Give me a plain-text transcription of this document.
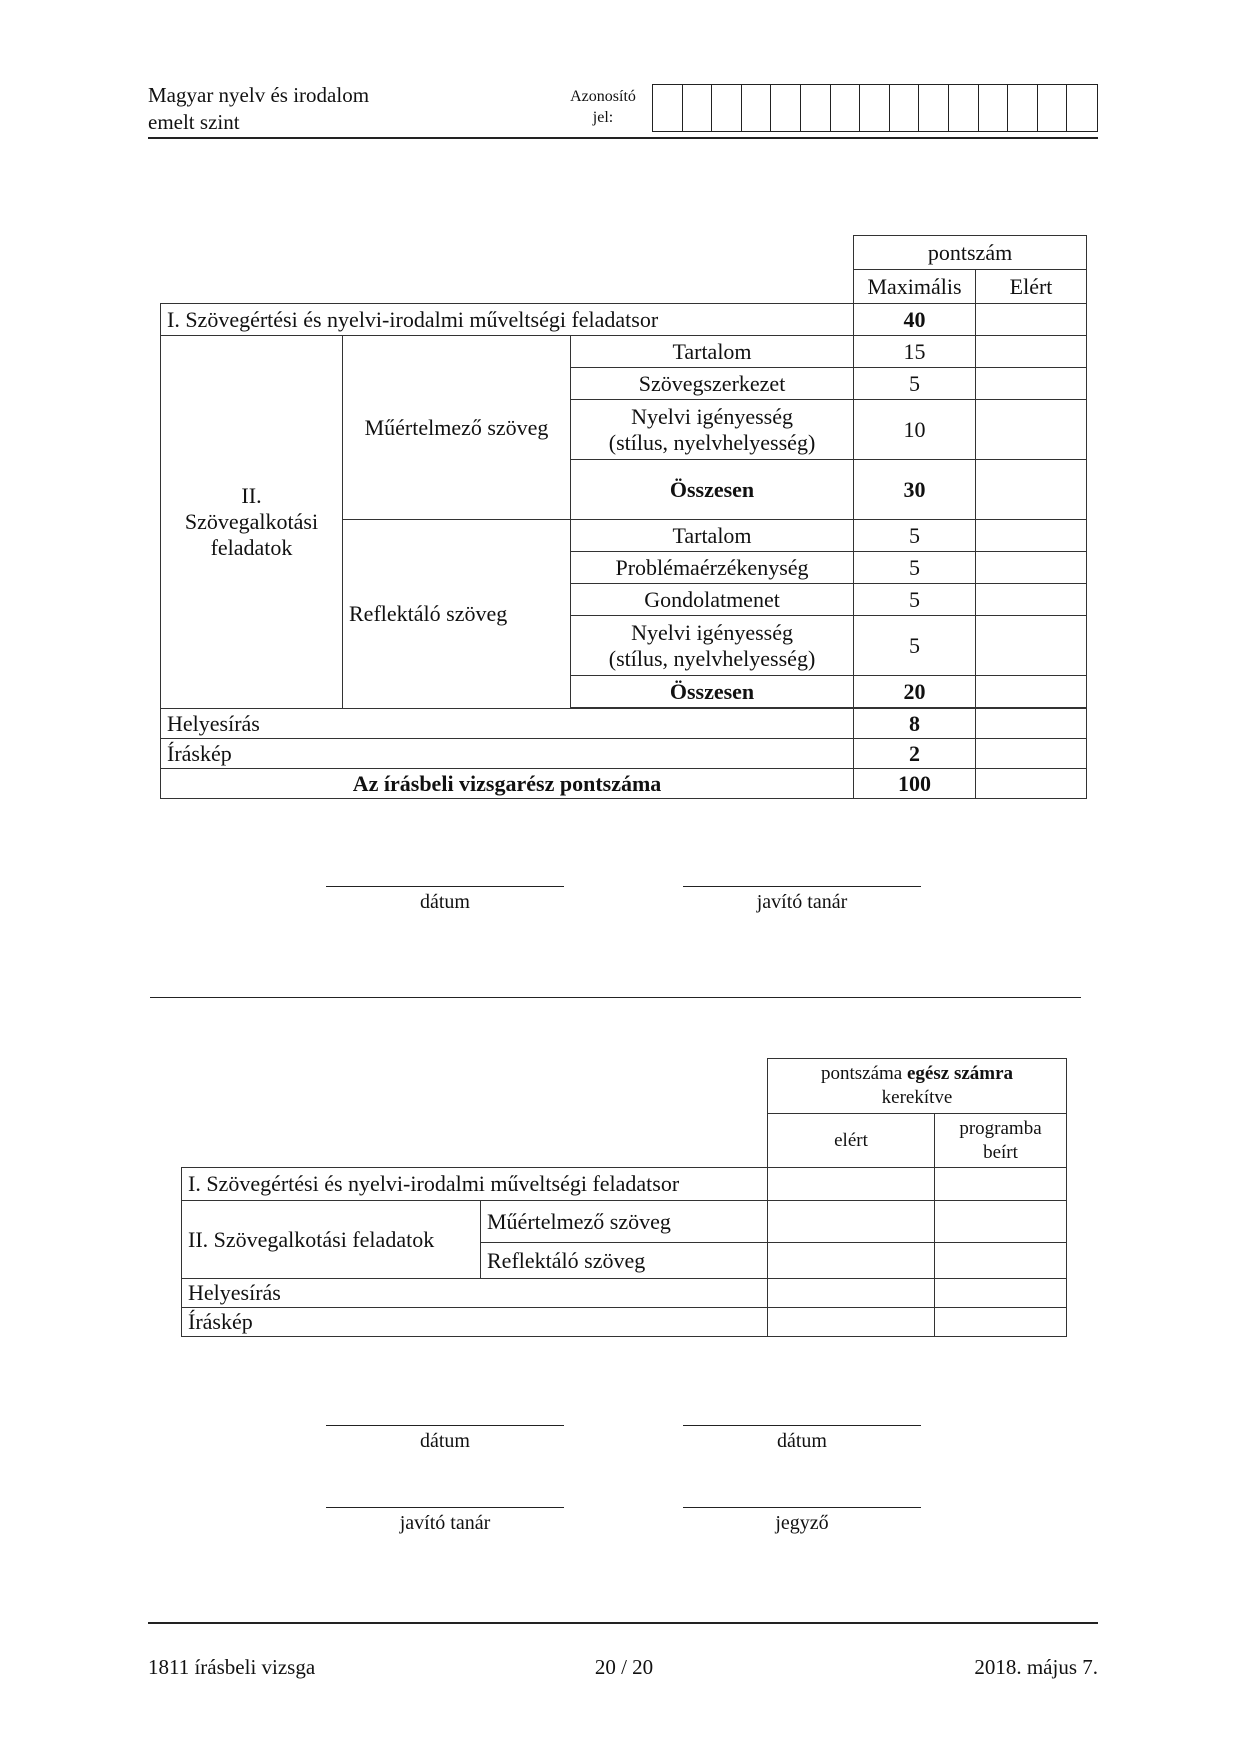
Magyar nyelv és irodalom
emelt szint
Azonosító
jel:
			pontszám	
			Maximális	Elért
I. Szövegértési és nyelvi-irodalmi műveltségi feladatsor			40	

II.
Szövegalkotási
feladatok	Műértelmező szöveg	Tartalom	15	
		Szövegszerkezet	5	

		Nyelvi igényesség
(stílus, nyelvhelyesség)	10	
		Összesen	30	
	Reflektáló szöveg	Tartalom	5	
		Problémaérzékenység	5	
		Gondolatmenet	5	

		Nyelvi igényesség
(stílus, nyelvhelyesség)	5	
		Összesen	20	

Helyesírás			8	
Íráskép			2	
Az írásbeli vizsgarész pontszáma			100	
dátum	javító tanár

		pontszáma egész számra
kerekítve	

		elért	programba
beírt

I. Szövegértési és nyelvi-irodalmi műveltségi feladatsor			
II. Szövegalkotási feladatok	Műértelmező szöveg		
	Reflektáló szöveg		
Helyesírás			
Íráskép			
dátum	dátum
javító tanár	jegyző
1811 írásbeli vizsga	20 / 20	2018. május 7.
